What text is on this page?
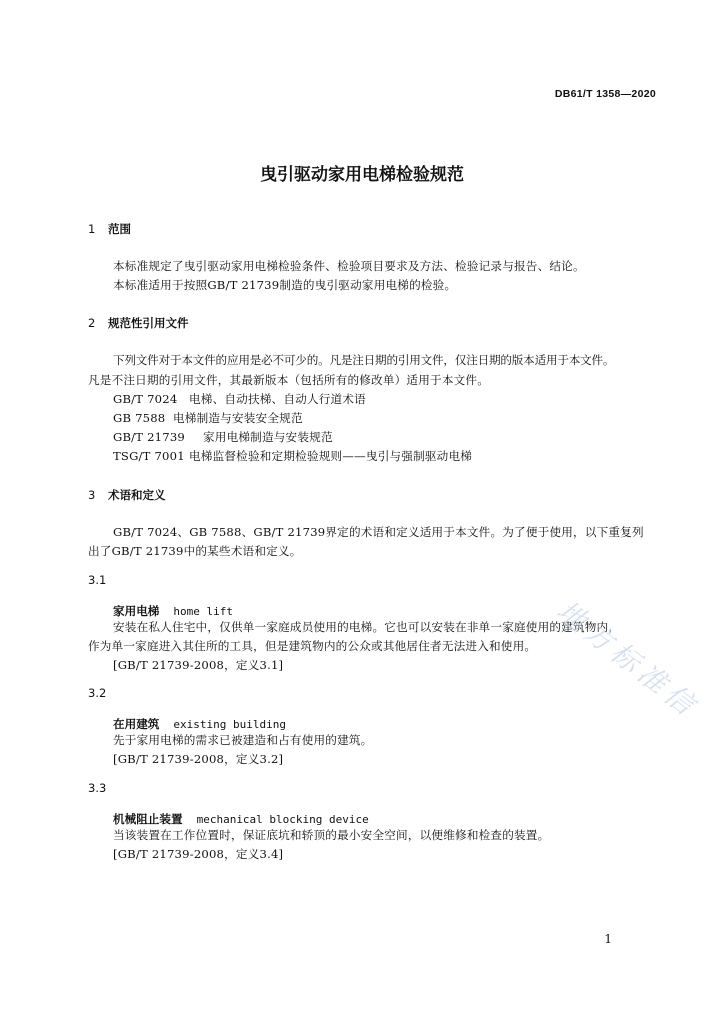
DB61/T 1358—2020
曳引驱动家用电梯检验规范
1 范围
本标准规定了曳引驱动家用电梯检验条件、检验项目要求及方法、检验记录与报告、结论。
本标准适用于按照GB/T 21739制造的曳引驱动家用电梯的检验。
2 规范性引用文件
下列文件对于本文件的应用是必不可少的。凡是注日期的引用文件，仅注日期的版本适用于本文件。
凡是不注日期的引用文件，其最新版本（包括所有的修改单）适用于本文件。
GB/T 7024 电梯、自动扶梯、自动人行道术语
GB 7588 电梯制造与安装安全规范
GB/T 21739 家用电梯制造与安装规范
TSG/T 7001 电梯监督检验和定期检验规则——曳引与强制驱动电梯
3 术语和定义
GB/T 7024、GB 7588、GB/T 21739界定的术语和定义适用于本文件。为了便于使用，以下重复列
出了GB/T 21739中的某些术语和定义。
3.1
家用电梯 home lift
安装在私人住宅中，仅供单一家庭成员使用的电梯。它也可以安装在非单一家庭使用的建筑物内，
作为单一家庭进入其住所的工具，但是建筑物内的公众或其他居住者无法进入和使用。
[GB/T 21739-2008，定义3.1]
3.2
在用建筑 existing building
先于家用电梯的需求已被建造和占有使用的建筑。
[GB/T 21739-2008，定义3.2]
3.3
机械阻止装置 mechanical blocking device
当该装置在工作位置时，保证底坑和轿顶的最小安全空间，以便维修和检查的装置。
[GB/T 21739-2008，定义3.4]
地方标准信
1
